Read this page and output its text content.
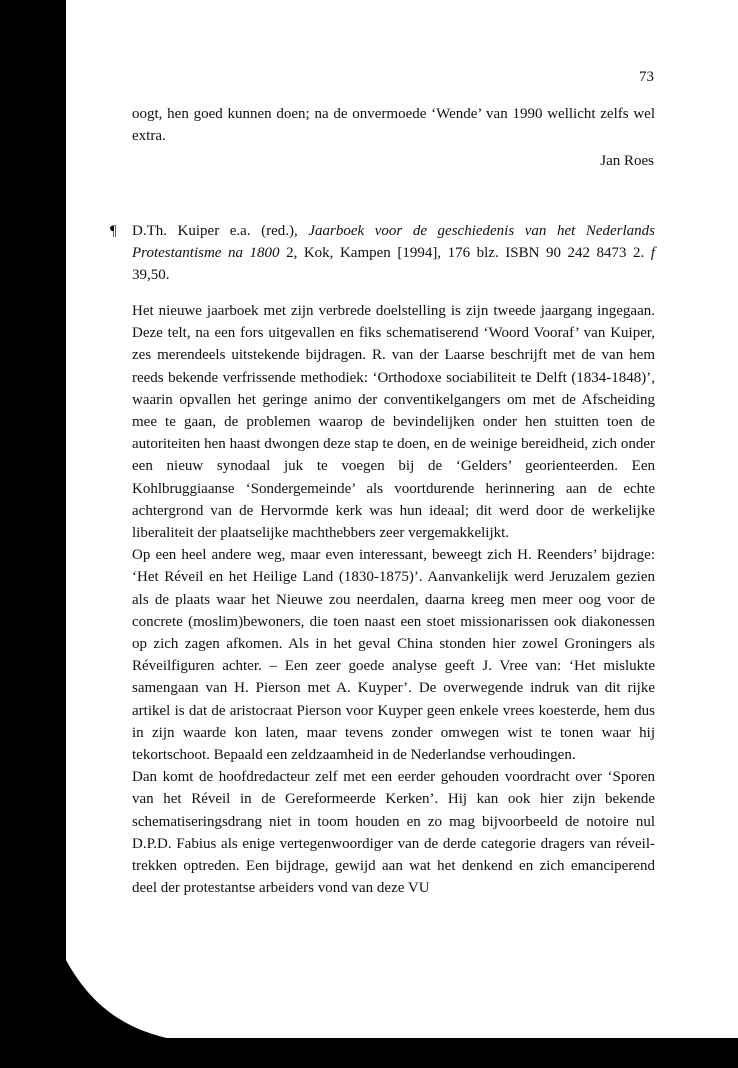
73

oogt, hen goed kunnen doen; na de onvermoede ‘Wende’ van 1990 wellicht zelfs wel extra.

Jan Roes
¶ D.Th. Kuiper e.a. (red.), Jaarboek voor de geschiedenis van het Nederlands Protestantisme na 1800 2, Kok, Kampen [1994], 176 blz. ISBN 90 242 8473 2. f 39,50.

Het nieuwe jaarboek met zijn verbrede doelstelling is zijn tweede jaargang ingegaan. Deze telt, na een fors uitgevallen en fiks schematiserend ‘Woord Vooraf’ van Kuiper, zes merendeels uitstekende bijdragen. R. van der Laarse beschrijft met de van hem reeds bekende verfrissende methodiek: ‘Orthodoxe sociabiliteit te Delft (1834-1848)’, waarin opvallen het geringe animo der conventikelgangers om met de Afscheiding mee te gaan, de problemen waarop de bevindelijken onder hen stuitten toen de autoriteiten hen haast dwongen deze stap te doen, en de weinige bereidheid, zich onder een nieuw synodaal juk te voegen bij de ‘Gelders’ georienteerden. Een Kohlbruggiaanse ‘Sondergemeinde’ als voortdurende herinnering aan de echte achtergrond van de Hervormde kerk was hun ideaal; dit werd door de werkelijke liberaliteit der plaatselijke machthebbers zeer vergemakkelijkt.

Op een heel andere weg, maar even interessant, beweegt zich H. Reenders’ bijdrage: ‘Het Réveil en het Heilige Land (1830-1875)’. Aanvankelijk werd Jeruzalem gezien als de plaats waar het Nieuwe zou neerdalen, daarna kreeg men meer oog voor de concrete (moslim)bewoners, die toen naast een stoet missionarissen ook diakonessen op zich zagen afkomen. Als in het geval China stonden hier zowel Groningers als Réveilfiguren achter. – Een zeer goede analyse geeft J. Vree van: ‘Het mislukte samengaan van H. Pierson met A. Kuyper’. De overwegende indruk van dit rijke artikel is dat de aristocraat Pierson voor Kuyper geen enkele vrees koesterde, hem dus in zijn waarde kon laten, maar tevens zonder omwegen wist te tonen waar hij tekortschoot. Bepaald een zeldzaamheid in de Nederlandse verhoudingen.

Dan komt de hoofdredacteur zelf met een eerder gehouden voordracht over ‘Sporen van het Réveil in de Gereformeerde Kerken’. Hij kan ook hier zijn bekende schematiseringsdrang niet in toom houden en zo mag bijvoorbeeld de notoire nul D.P.D. Fabius als enige vertegenwoordiger van de derde categorie dragers van réveil-trekken optreden. Een bijdrage, gewijd aan wat het denkend en zich emanciperend deel der protestantse arbeiders vond van deze VU
